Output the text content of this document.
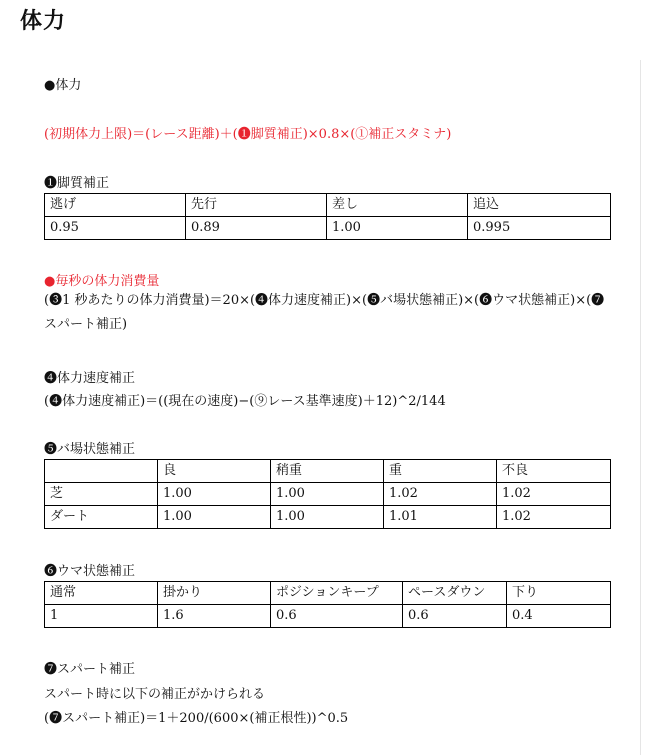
体力
●体力
(初期体力上限)＝(レース距離)＋(❶脚質補正)×0.8×(①補正スタミナ)
❶脚質補正
逃げ	先行	差し	追込
0.95	0.89	1.00	0.995
●毎秒の体力消費量
(❸1 秒あたりの体力消費量)＝20×(❹体力速度補正)×(❺バ場状態補正)×(❻ウマ状態補正)×(❼スパート補正)
❹体力速度補正
(❹体力速度補正)＝((現在の速度)−(⑨レース基準速度)＋12)^2/144
❺バ場状態補正
	良	稍重	重	不良
芝	1.00	1.00	1.02	1.02
ダート	1.00	1.00	1.01	1.02
❻ウマ状態補正
通常	掛かり	ポジションキープ	ペースダウン	下り
1	1.6	0.6	0.6	0.4
❼スパート補正
スパート時に以下の補正がかけられる
(❼スパート補正)＝1＋200/(600×(補正根性))^0.5
